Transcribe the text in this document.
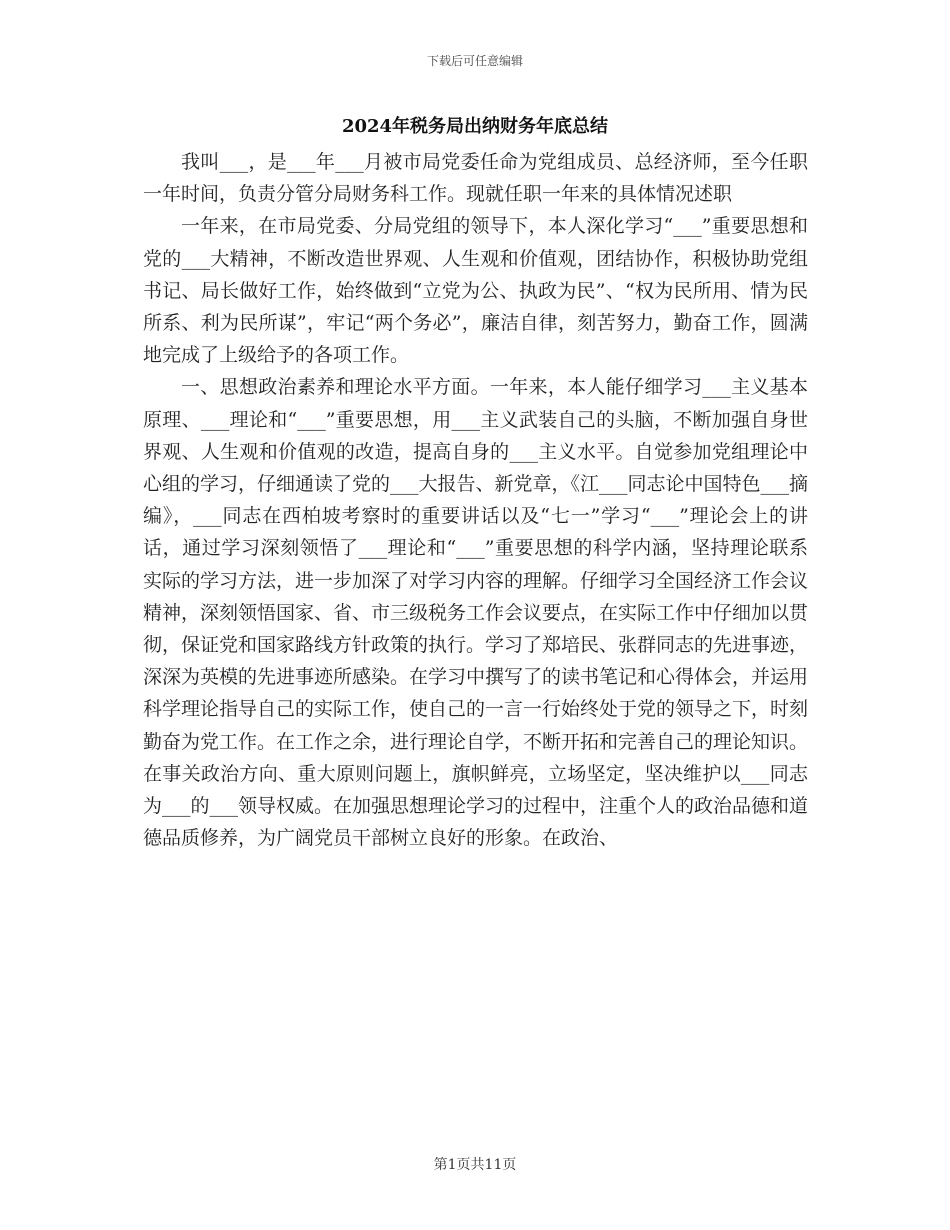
下载后可任意编辑
2024年税务局出纳财务年底总结

我叫___，是___年___月被市局党委任命为党组成员、总经济师，至今任职一年时间，负责分管分局财务科工作。现就任职一年来的具体情况述职

一年来，在市局党委、分局党组的领导下，本人深化学习“___”重要思想和党的___大精神，不断改造世界观、人生观和价值观，团结协作，积极协助党组书记、局长做好工作，始终做到“立党为公、执政为民”、“权为民所用、情为民所系、利为民所谋”，牢记“两个务必”，廉洁自律，刻苦努力，勤奋工作，圆满地完成了上级给予的各项工作。

一、思想政治素养和理论水平方面。一年来，本人能仔细学习___主义基本原理、___理论和“___”重要思想，用___主义武装自己的头脑，不断加强自身世界观、人生观和价值观的改造，提高自身的___主义水平。自觉参加党组理论中心组的学习，仔细通读了党的___大报告、新党章，《江___同志论中国特色___摘编》，___同志在西柏坡考察时的重要讲话以及“七一”学习“___”理论会上的讲话，通过学习深刻领悟了___理论和“___”重要思想的科学内涵，坚持理论联系实际的学习方法，进一步加深了对学习内容的理解。仔细学习全国经济工作会议精神，深刻领悟国家、省、市三级税务工作会议要点，在实际工作中仔细加以贯彻，保证党和国家路线方针政策的执行。学习了郑培民、张群同志的先进事迹，深深为英模的先进事迹所感染。在学习中撰写了的读书笔记和心得体会，并运用科学理论指导自己的实际工作，使自己的一言一行始终处于党的领导之下，时刻勤奋为党工作。在工作之余，进行理论自学，不断开拓和完善自己的理论知识。在事关政治方向、重大原则问题上，旗帜鲜亮，立场坚定，坚决维护以___同志为___的___领导权威。在加强思想理论学习的过程中，注重个人的政治品德和道德品质修养，为广阔党员干部树立良好的形象。在政治、

第1页共11页
